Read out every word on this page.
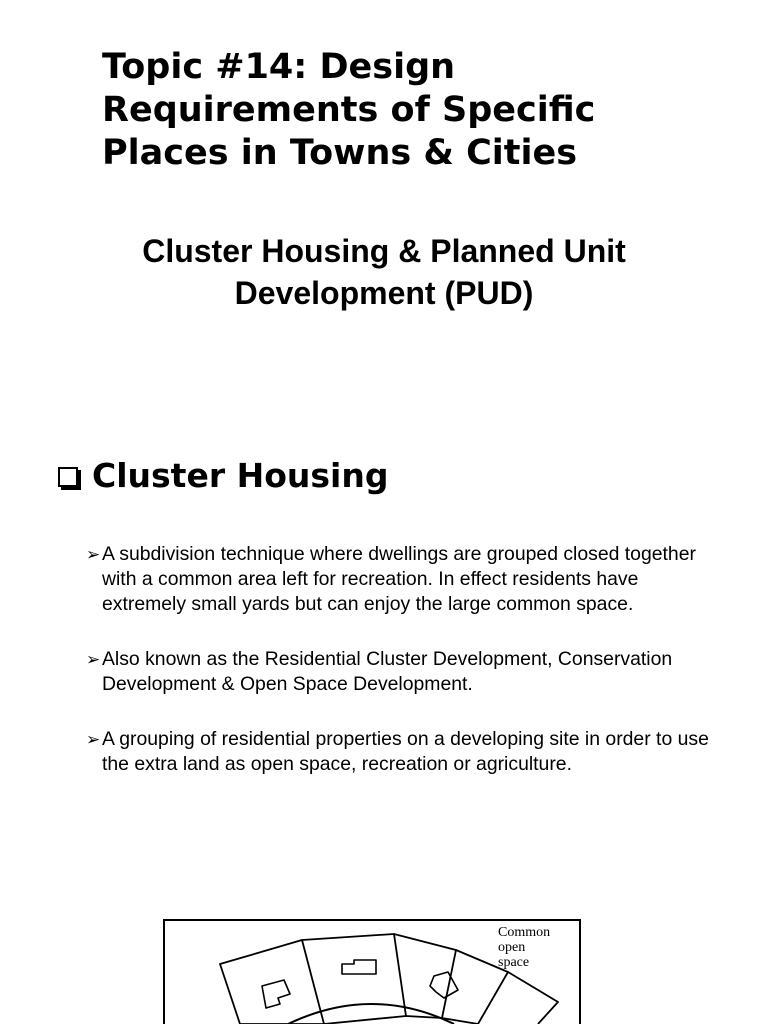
Topic #14: Design Requirements of Specific Places in Towns & Cities
Cluster Housing & Planned Unit Development (PUD)
Cluster Housing
➢ A subdivision technique where dwellings are grouped closed together with a common area left for recreation. In effect residents have extremely small yards but can enjoy the large common space.
➢ Also known as the Residential Cluster Development, Conservation Development & Open Space Development.
➢ A grouping of residential properties on a developing site in order to use the extra land as open space, recreation or agriculture.
Common
open
space
